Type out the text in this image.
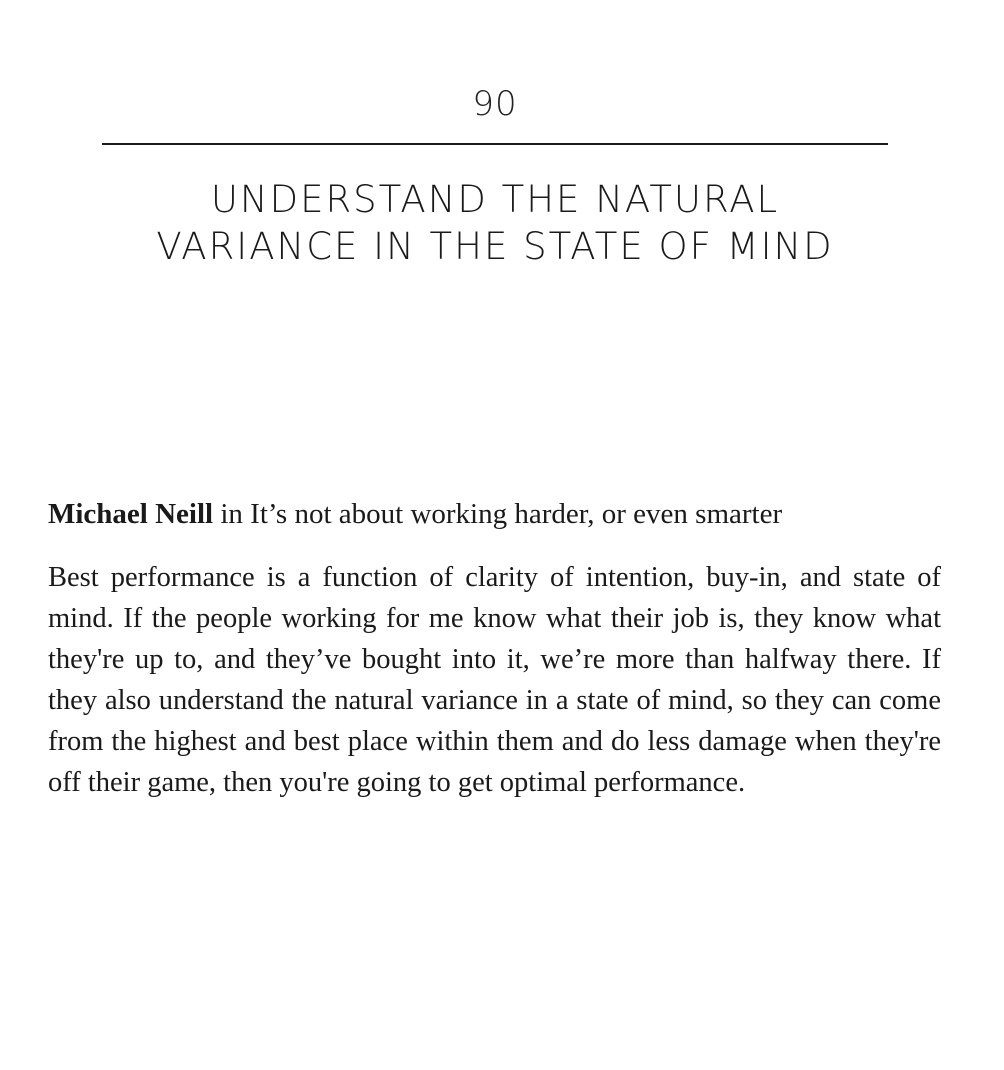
90
UNDERSTAND THE NATURAL
VARIANCE IN THE STATE OF MIND
Michael Neill in It’s not about working harder, or even smarter

Best performance is a function of clarity of intention, buy-in, and state of mind. If the people working for me know what their job is, they know what they're up to, and they’ve bought into it, we’re more than halfway there. If they also understand the natural variance in a state of mind, so they can come from the highest and best place within them and do less damage when they're off their game, then you're going to get optimal performance.
